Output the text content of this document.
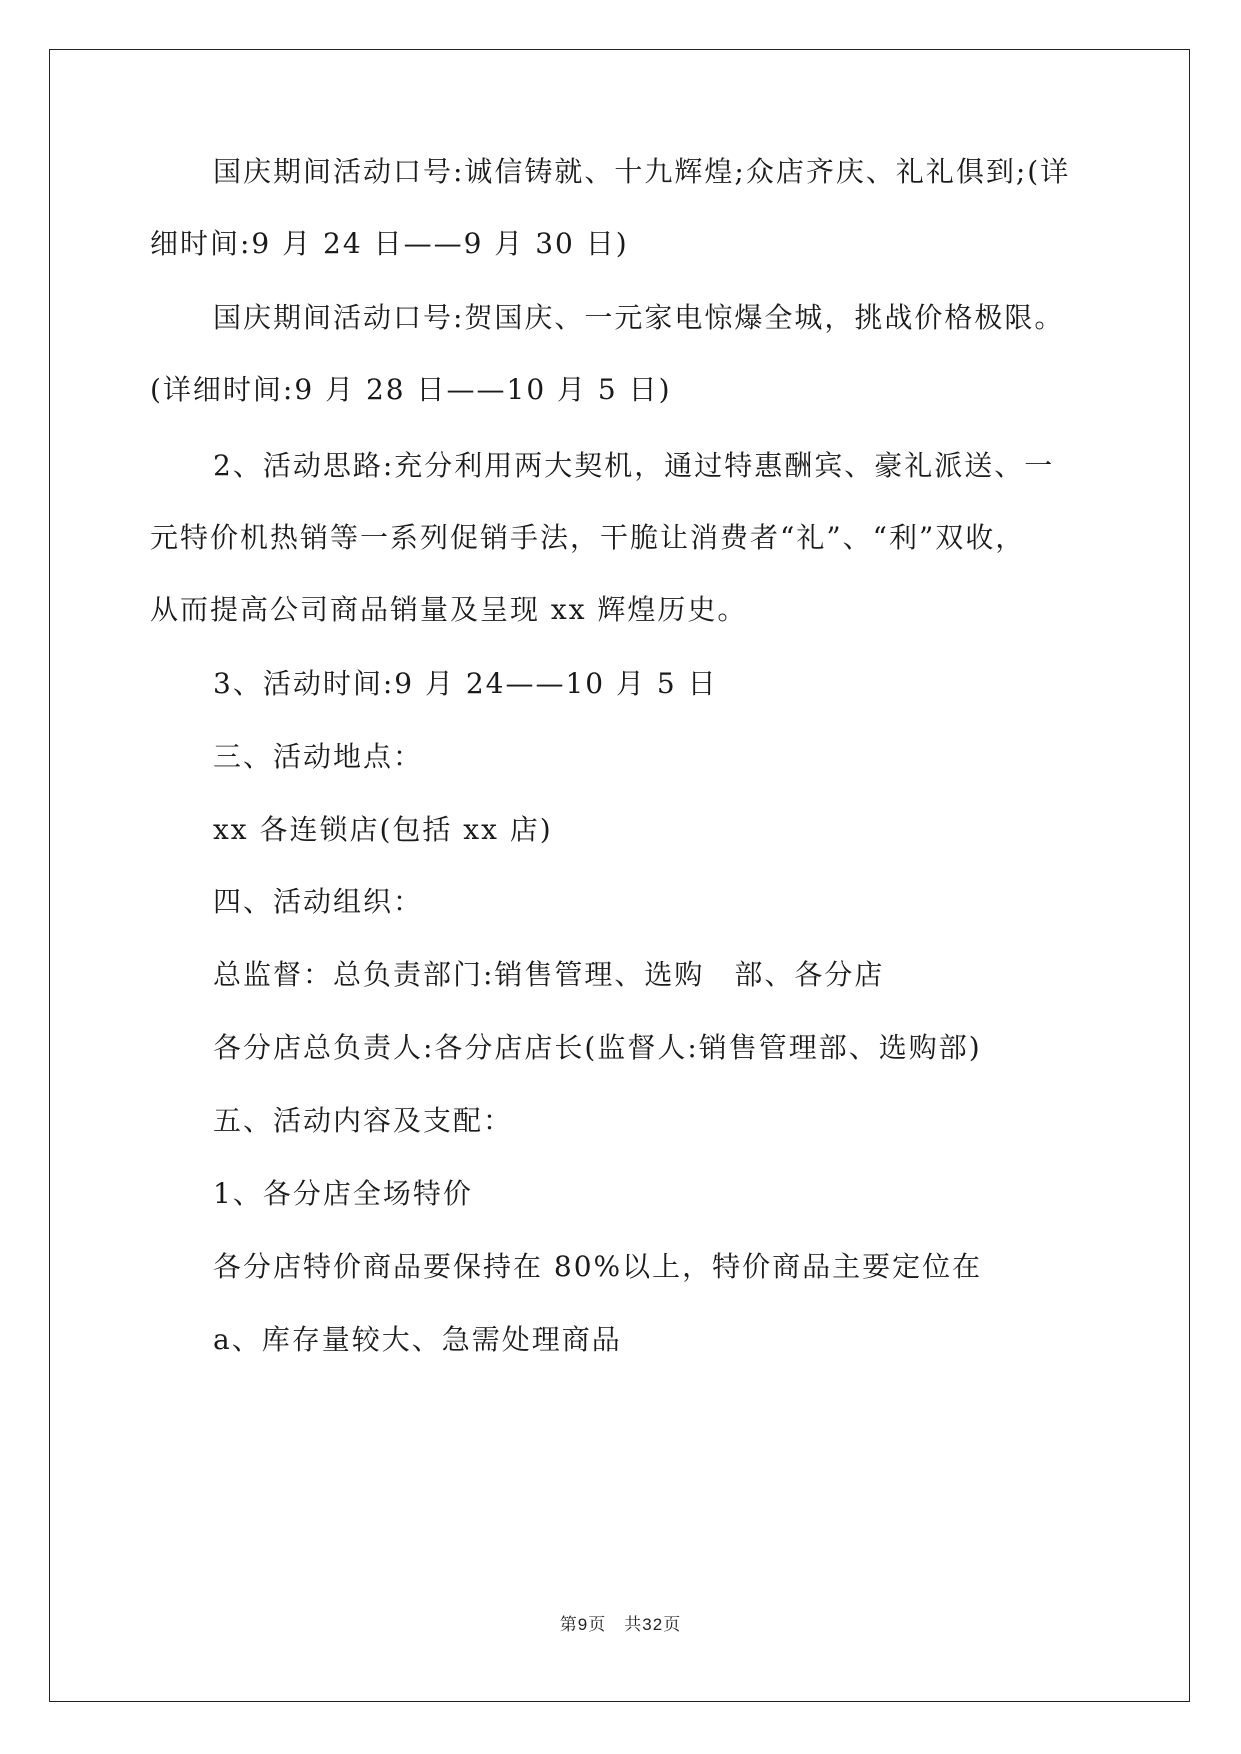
国庆期间活动口号:诚信铸就、十九辉煌;众店齐庆、礼礼俱到;(详
细时间:9 月 24 日——9 月 30 日)
国庆期间活动口号:贺国庆、一元家电惊爆全城，挑战价格极限。
(详细时间:9 月 28 日——10 月 5 日)
2、活动思路:充分利用两大契机，通过特惠酬宾、豪礼派送、一
元特价机热销等一系列促销手法，干脆让消费者“礼”、“利”双收，
从而提高公司商品销量及呈现 xx 辉煌历史。
3、活动时间:9 月 24——10 月 5 日
三、活动地点：
xx 各连锁店(包括 xx 店)
四、活动组织：
总监督：总负责部门:销售管理、选购　部、各分店
各分店总负责人:各分店店长(监督人:销售管理部、选购部)
五、活动内容及支配：
1、各分店全场特价
各分店特价商品要保持在 80%以上，特价商品主要定位在
a、库存量较大、急需处理商品
第9页 共32页
